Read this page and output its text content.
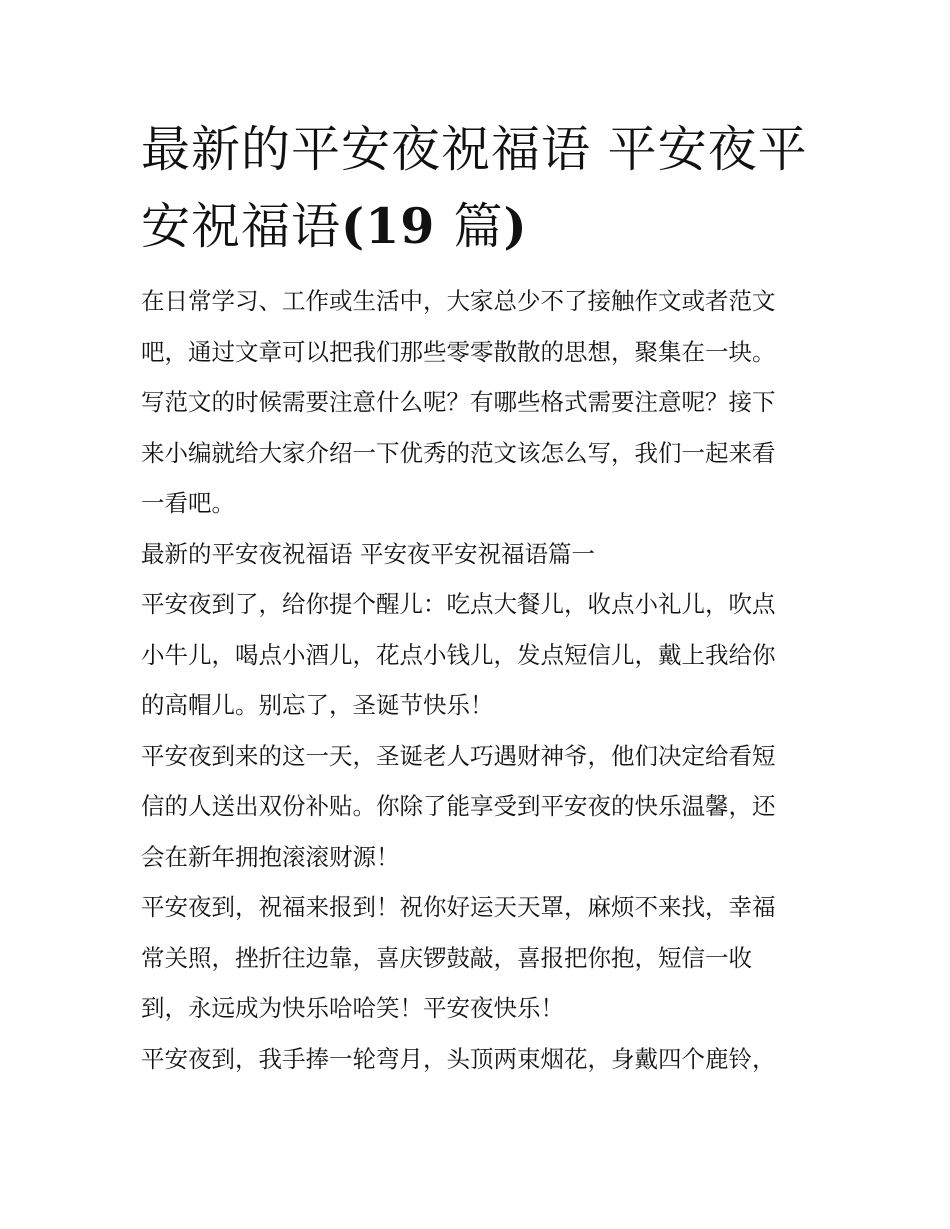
最新的平安夜祝福语 平安夜平
安祝福语(19 篇)
在日常学习、工作或生活中，大家总少不了接触作文或者范文
吧，通过文章可以把我们那些零零散散的思想，聚集在一块。
写范文的时候需要注意什么呢？有哪些格式需要注意呢？接下
来小编就给大家介绍一下优秀的范文该怎么写，我们一起来看
一看吧。
最新的平安夜祝福语 平安夜平安祝福语篇一
平安夜到了，给你提个醒儿：吃点大餐儿，收点小礼儿，吹点
小牛儿，喝点小酒儿，花点小钱儿，发点短信儿，戴上我给你
的高帽儿。别忘了，圣诞节快乐！
平安夜到来的这一天，圣诞老人巧遇财神爷，他们决定给看短
信的人送出双份补贴。你除了能享受到平安夜的快乐温馨，还
会在新年拥抱滚滚财源！
平安夜到，祝福来报到！祝你好运天天罩，麻烦不来找，幸福
常关照，挫折往边靠，喜庆锣鼓敲，喜报把你抱，短信一收
到，永远成为快乐哈哈笑！平安夜快乐！
平安夜到，我手捧一轮弯月，头顶两束烟花，身戴四个鹿铃，
